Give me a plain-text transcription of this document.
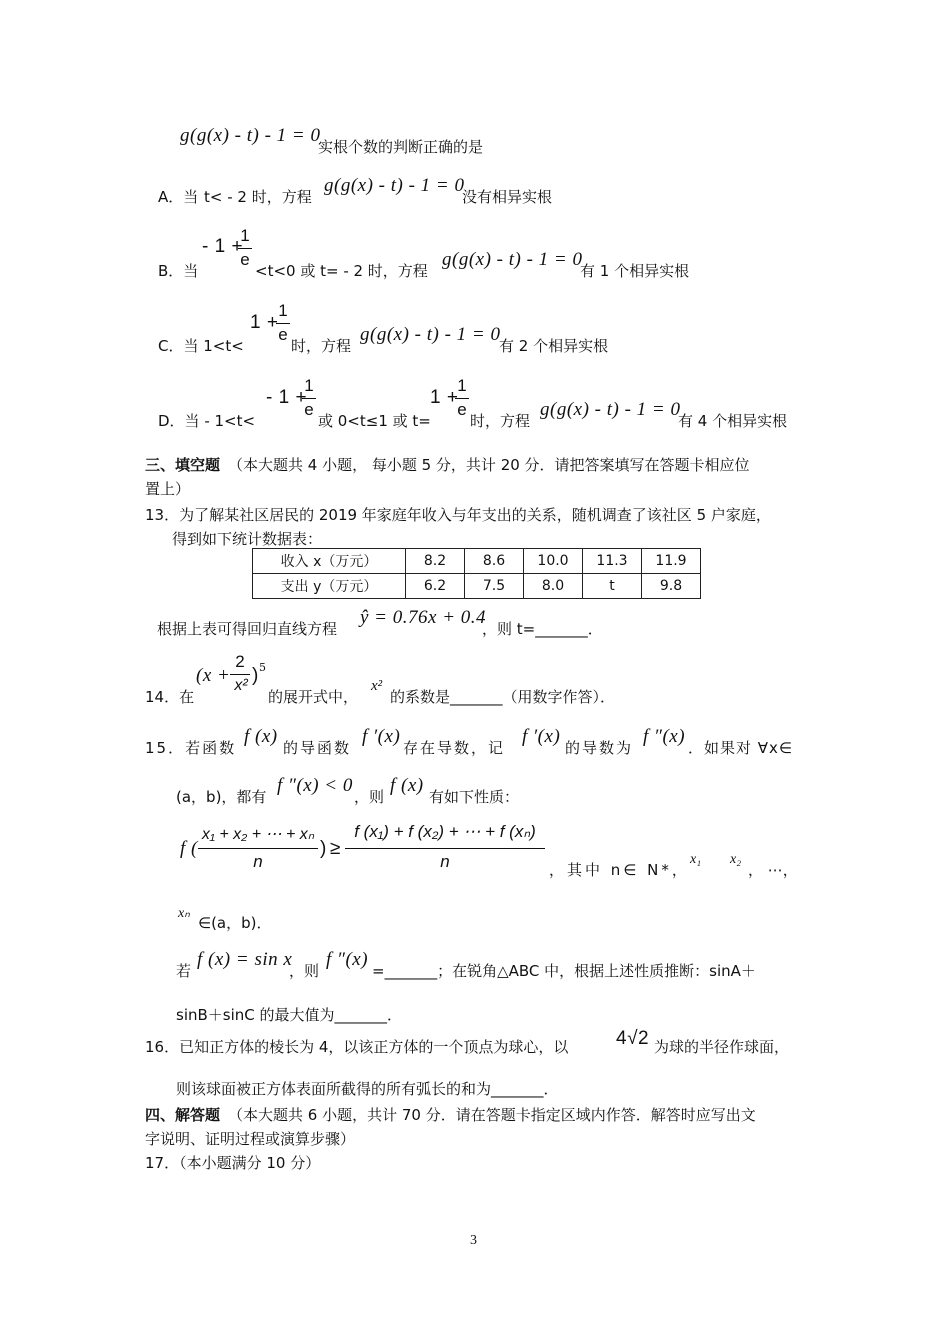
g(g(x) - t) - 1 = 0
实根个数的判断正确的是
A．当 t< - 2 时，方程
g(g(x) - t) - 1 = 0
没有相异实根
B．当
- 1 +
1
e
<t<0 或 t= - 2 时，方程
g(g(x) - t) - 1 = 0
有 1 个相异实根
C．当 1<t<
1 +
1
e
时，方程
g(g(x) - t) - 1 = 0
有 2 个相异实根
D．当 - 1<t<
- 1 +
1
e
或 0<t≤1 或 t=
1 +
1
e
时，方程
g(g(x) - t) - 1 = 0
有 4 个相异实根
三、填空题 （本大题共 4 小题， 每小题 5 分，共计 20 分．请把答案填写在答题卡相应位
置上）
13．为了解某社区居民的 2019 年家庭年收入与年支出的关系，随机调查了该社区 5 户家庭，
得到如下统计数据表：
收入 x（万元）	8.2	8.6	10.0	11.3	11.9
支出 y（万元）	6.2	7.5	8.0	t	9.8
根据上表可得回归直线方程
ŷ = 0.76x + 0.4
，则 t=_______．
14．在
(x +
2
x² ) 5
的展开式中，
x²
的系数是_______（用数字作答）．
15．若函数
f (x)
的导函数
f ′(x)
存在导数，记
f ′(x)
的导数为
f ″(x)
．如果对 ∀x∈
(a，b)，都有
f ″(x) < 0
，则
f (x)
有如下性质：
f (
x₁ + x₂ + ⋯ + xₙ
n
) ≥
f (x₁) + f (x₂) + ⋯ + f (xₙ)
n	，其中 n∈ N*，
x₁ x₂
， ⋯，
xₙ
∈(a，b)．
若
f (x) = sin x
，则
f ″(x)
=_______；在锐角△ABC 中，根据上述性质推断：sinA＋
sinB＋sinC 的最大值为_______．
16．已知正方体的棱长为 4，以该正方体的一个顶点为球心，以	4√2 为球的半径作球面，
则该球面被正方体表面所截得的所有弧长的和为_______．
四、解答题 （本大题共 6 小题，共计 70 分．请在答题卡指定区域内作答．解答时应写出文
字说明、证明过程或演算步骤）
17．（本小题满分 10 分）
3
